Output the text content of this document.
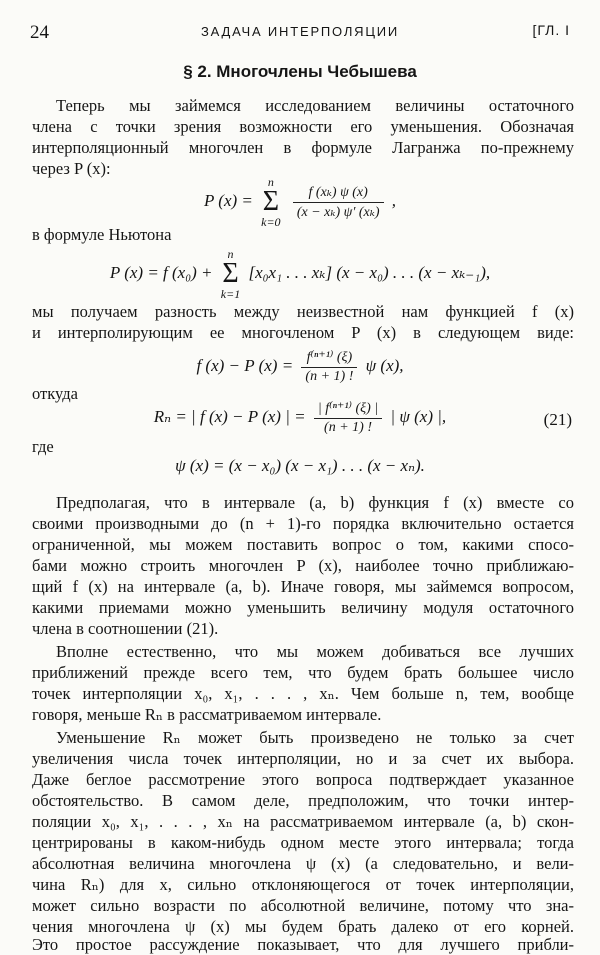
24	ЗАДАЧА ИНТЕРПОЛЯЦИИ	[ГЛ. I
§ 2. Многочлены Чебышева
Теперь мы займемся исследованием величины остаточного
члена с точки зрения возможности его уменьшения. Обозначая
интерполяционный многочлен в формуле Лагранжа по-прежнему
через P (x):
P (x) =
n
Σ
k=0

$\frac{\text{f (xₖ) ψ (x)}}{\text{(x − xₖ) ψ′ (xₖ)}}$ ,
в формуле Ньютона
P (x) = f (x₀) +
n
Σ
k=1
[x₀x₁ . . . xₖ] (x − x₀) . . . (x − xₖ₋₁),
мы получаем разность между неизвестной нам функцией f (x)
и интерполирующим ее многочленом P (x) в следующем виде:
f (x) − P $(x) = \frac{\text{f⁽ⁿ⁺¹⁾ (ξ)}}{(n + 1) !}$ ψ (x),
откуда
Rₙ = | f (x) − P (x) | = $\frac{\text{| f⁽ⁿ⁺¹⁾ (ξ) |}}{(n + 1) !}$ | ψ (x) |,	(21)
где
ψ (x) = (x − x₀) (x − x₁) . . . (x − xₙ).
Предполагая, что в интервале (a, b) функция f (x) вместе со
своими производными до (n + 1)-го порядка включительно остается
ограниченной, мы можем поставить вопрос о том, какими спосо-
бами можно строить многочлен P (x), наиболее точно приближаю-
щий f (x) на интервале (a, b). Иначе говоря, мы займемся вопросом,
какими приемами можно уменьшить величину модуля остаточного
члена в соотношении (21).
Вполне естественно, что мы можем добиваться все лучших
приближений прежде всего тем, что будем брать большее число
точек интерполяции x₀, x₁, . . . , xₙ. Чем больше n, тем, вообще
говоря, меньше Rₙ в рассматриваемом интервале.
Уменьшение Rₙ может быть произведено не только за счет
увеличения числа точек интерполяции, но и за счет их выбора.
Даже беглое рассмотрение этого вопроса подтверждает указанное
обстоятельство. В самом деле, предположим, что точки интер-
поляции x₀, x₁, . . . , xₙ на рассматриваемом интервале (a, b) скон-
центрированы в каком-нибудь одном месте этого интервала; тогда
абсолютная величина многочлена ψ (x) (а следовательно, и вели-
чина Rₙ) для x, сильно отклоняющегося от точек интерполяции,
может сильно возрасти по абсолютной величине, потому что зна-
чения многочлена ψ (x) мы будем брать далеко от его корней.
Это простое рассуждение показывает, что для лучшего прибли-
